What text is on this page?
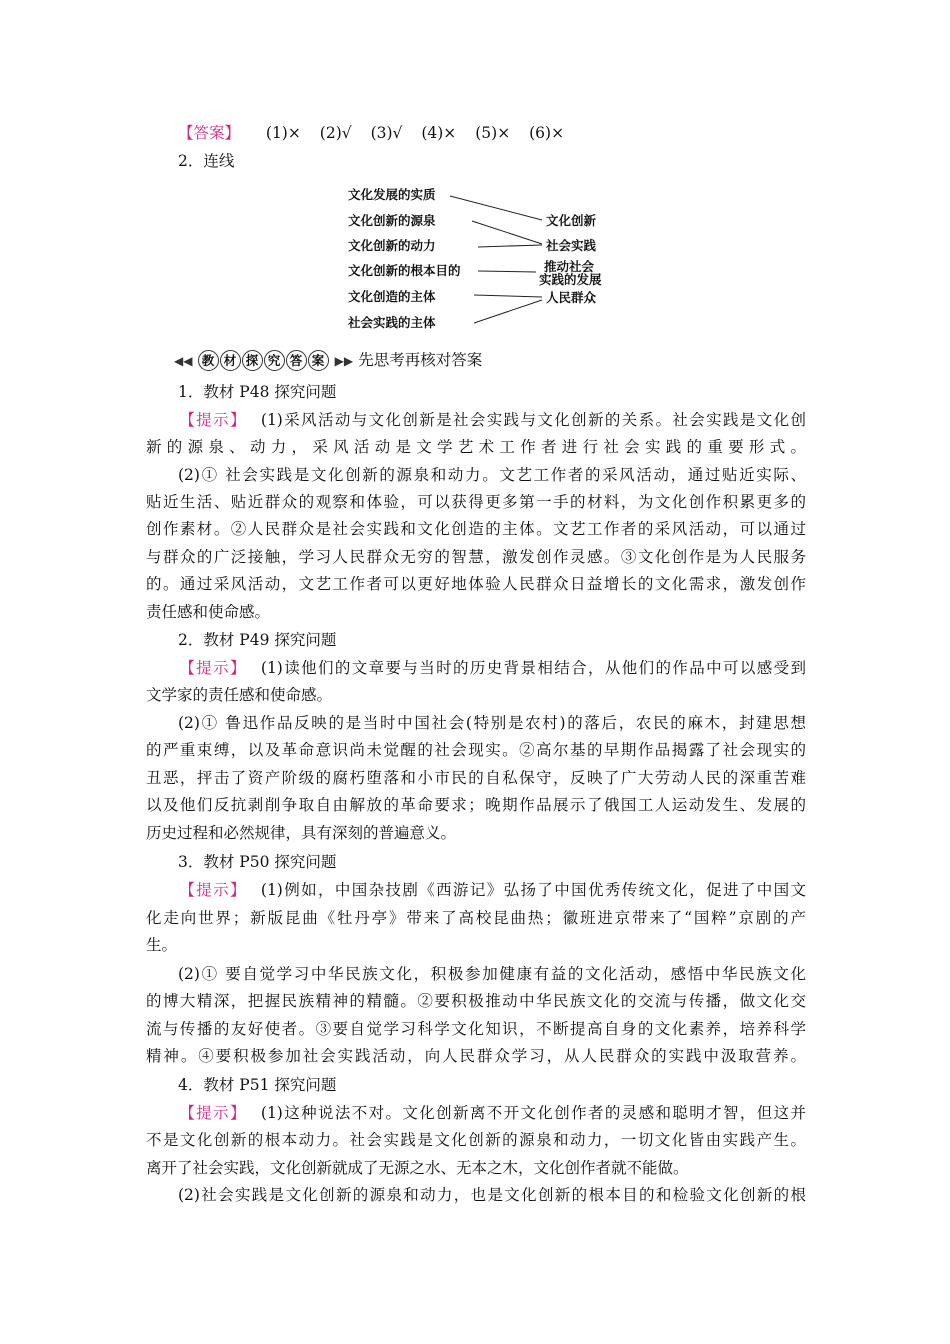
【答案】 (1)× (2)√ (3)√ (4)× (5)× (6)×
2．连线
文化发展的实质
文化创新的源泉
文化创新的动力
文化创新的根本目的
文化创造的主体
社会实践的主体
文化创新
社会实践
推动社会
实践的发展
人民群众
◀◀ 教 材 探 究 答 案 ▶▶ 先思考再核对答案
1．教材 P48 探究问题
【提示】 (1)采风活动与文化创新是社会实践与文化创新的关系。社会实践是文化创
新的源泉、动力，采风活动是文学艺术工作者进行社会实践的重要形式。
(2)① 社会实践是文化创新的源泉和动力。文艺工作者的采风活动，通过贴近实际、
贴近生活、贴近群众的观察和体验，可以获得更多第一手的材料，为文化创作积累更多的
创作素材。②人民群众是社会实践和文化创造的主体。文艺工作者的采风活动，可以通过
与群众的广泛接触，学习人民群众无穷的智慧，激发创作灵感。③文化创作是为人民服务
的。通过采风活动，文艺工作者可以更好地体验人民群众日益增长的文化需求，激发创作
责任感和使命感。
2．教材 P49 探究问题
【提示】 (1)读他们的文章要与当时的历史背景相结合，从他们的作品中可以感受到
文学家的责任感和使命感。
(2)① 鲁迅作品反映的是当时中国社会(特别是农村)的落后，农民的麻木，封建思想
的严重束缚，以及革命意识尚未觉醒的社会现实。②高尔基的早期作品揭露了社会现实的
丑恶，抨击了资产阶级的腐朽堕落和小市民的自私保守，反映了广大劳动人民的深重苦难
以及他们反抗剥削争取自由解放的革命要求；晚期作品展示了俄国工人运动发生、发展的
历史过程和必然规律，具有深刻的普遍意义。
3．教材 P50 探究问题
【提示】 (1)例如，中国杂技剧《西游记》弘扬了中国优秀传统文化，促进了中国文
化走向世界；新版昆曲《牡丹亭》带来了高校昆曲热；徽班进京带来了“国粹”京剧的产
生。
(2)① 要自觉学习中华民族文化，积极参加健康有益的文化活动，感悟中华民族文化
的博大精深，把握民族精神的精髓。②要积极推动中华民族文化的交流与传播，做文化交
流与传播的友好使者。③要自觉学习科学文化知识，不断提高自身的文化素养，培养科学
精神。④要积极参加社会实践活动，向人民群众学习，从人民群众的实践中汲取营养。
4．教材 P51 探究问题
【提示】 (1)这种说法不对。文化创新离不开文化创作者的灵感和聪明才智，但这并
不是文化创新的根本动力。社会实践是文化创新的源泉和动力，一切文化皆由实践产生。
离开了社会实践，文化创新就成了无源之水、无本之木，文化创作者就不能做。
(2)社会实践是文化创新的源泉和动力，也是文化创新的根本目的和检验文化创新的根
